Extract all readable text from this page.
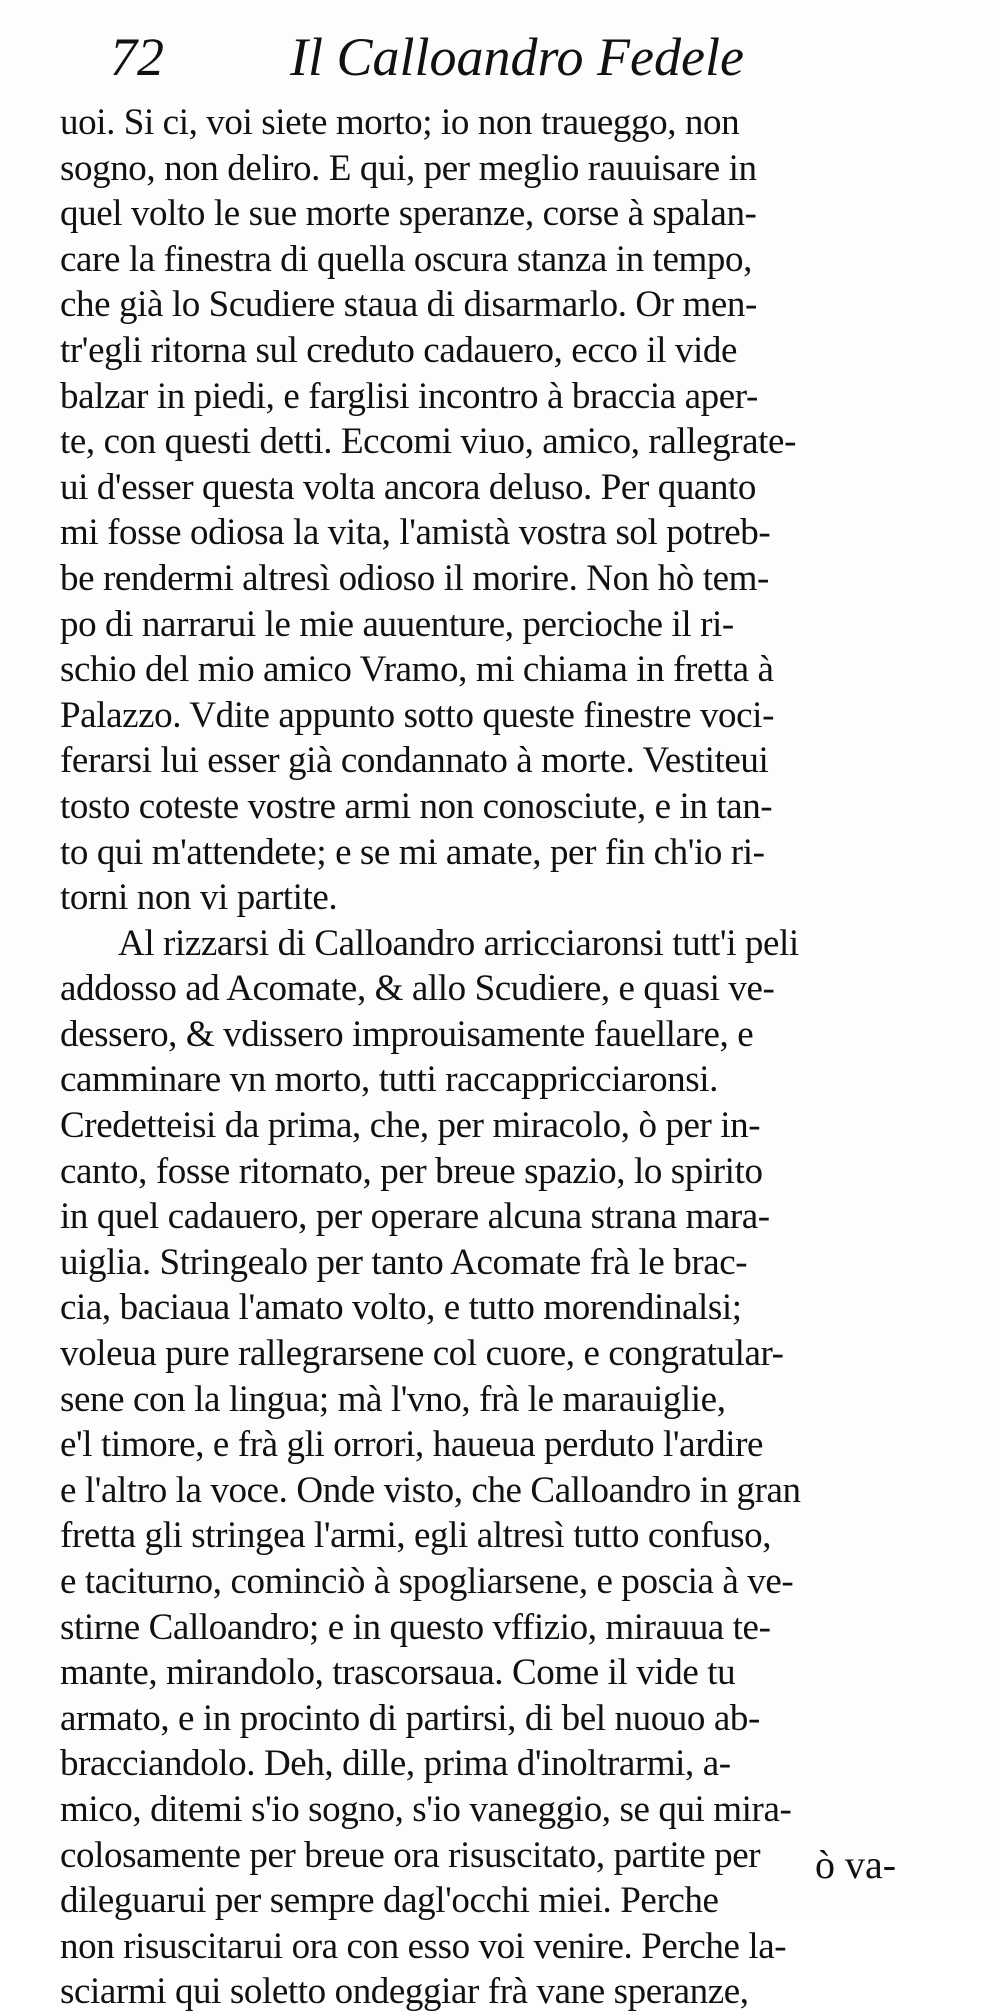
72 Il Calloandro Fedele
uoi. Si ci, voi siete morto; io non traueggo, non
sogno, non deliro. E qui, per meglio rauuisare in
quel volto le sue morte speranze, corse à spalan-
care la finestra di quella oscura stanza in tempo,
che già lo Scudiere staua di disarmarlo. Or men-
tr'egli ritorna sul creduto cadauero, ecco il vide
balzar in piedi, e farglisi incontro à braccia aper-
te, con questi detti. Eccomi viuo, amico, rallegrate-
ui d'esser questa volta ancora deluso. Per quanto
mi fosse odiosa la vita, l'amistà vostra sol potreb-
be rendermi altresì odioso il morire. Non hò tem-
po di narrarui le mie auuenture, percioche il ri-
schio del mio amico Vramo, mi chiama in fretta à
Palazzo. Vdite appunto sotto queste finestre voci-
ferarsi lui esser già condannato à morte. Vestiteui
tosto coteste vostre armi non conosciute, e in tan-
to qui m'attendete; e se mi amate, per fin ch'io ri-
torni non vi partite.
Al rizzarsi di Calloandro arricciaronsi tutt'i peli
addosso ad Acomate, & allo Scudiere, e quasi ve-
dessero, & vdissero improuisamente fauellare, e
camminare vn morto, tutti raccappricciaronsi.
Credetteisi da prima, che, per miracolo, ò per in-
canto, fosse ritornato, per breue spazio, lo spirito
in quel cadauero, per operare alcuna strana mara-
uiglia. Stringealo per tanto Acomate frà le brac-
cia, baciaua l'amato volto, e tutto morendinalsi;
voleua pure rallegrarsene col cuore, e congratular-
sene con la lingua; mà l'vno, frà le marauiglie,
e'l timore, e frà gli orrori, haueua perduto l'ardire
e l'altro la voce. Onde visto, che Calloandro in gran
fretta gli stringea l'armi, egli altresì tutto confuso,
e taciturno, cominciò à spogliarsene, e poscia à ve-
stirne Calloandro; e in questo vffizio, mirauua te-
mante, mirandolo, trascorsaua. Come il vide tu
armato, e in procinto di partirsi, di bel nuouo ab-
bracciandolo. Deh, dille, prima d'inoltrarmi, a-
mico, ditemi s'io sogno, s'io vaneggio, se qui mira-
colosamente per breue ora risuscitato, partite per
dileguarui per sempre dagl'occhi miei. Perche
non risuscitarui ora con esso voi venire. Perche la-
sciarmi qui soletto ondeggiar frà vane speranze,
ò va-
